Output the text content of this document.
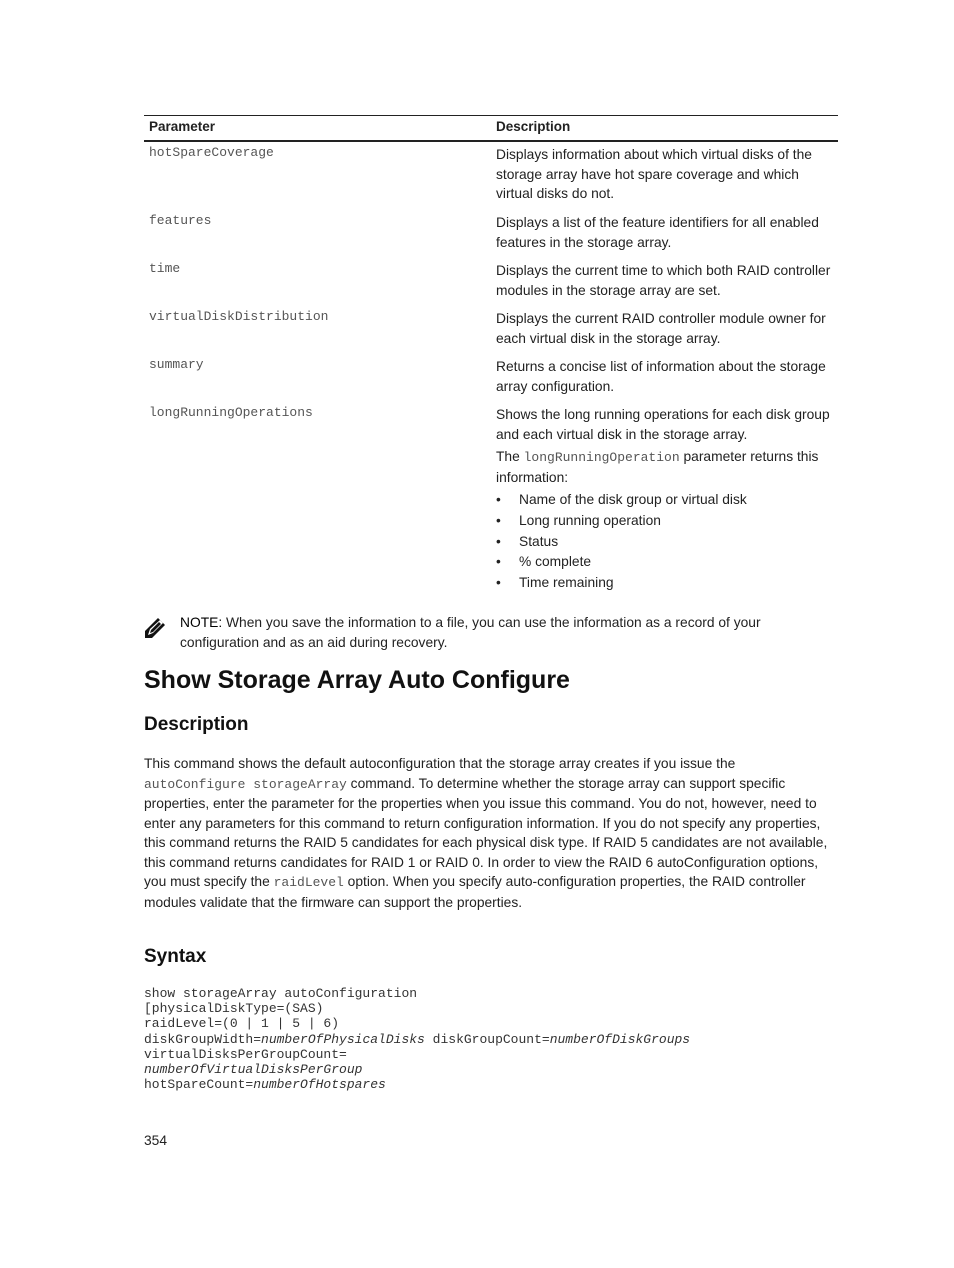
Parameter	Description
hotSpareCoverage	Displays information about which virtual disks of the storage array have hot spare coverage and which virtual disks do not.
features	Displays a list of the feature identifiers for all enabled features in the storage array.
time	Displays the current time to which both RAID controller modules in the storage array are set.
virtualDiskDistribution	Displays the current RAID controller module owner for each virtual disk in the storage array.
summary	Returns a concise list of information about the storage array configuration.
longRunningOperations	Shows the long running operations for each disk group and each virtual disk in the storage array.
The longRunningOperation parameter returns this information:
• Name of the disk group or virtual disk
• Long running operation
• Status
• % complete
• Time remaining
NOTE: When you save the information to a file, you can use the information as a record of your configuration and as an aid during recovery.
Show Storage Array Auto Configure
Description

This command shows the default autoconfiguration that the storage array creates if you issue the autoConfigure storageArray command. To determine whether the storage array can support specific properties, enter the parameter for the properties when you issue this command. You do not, however, need to enter any parameters for this command to return configuration information. If you do not specify any properties, this command returns the RAID 5 candidates for each physical disk type. If RAID 5 candidates are not available, this command returns candidates for RAID 1 or RAID 0. In order to view the RAID 6 autoConfiguration options, you must specify the raidLevel option. When you specify auto-configuration properties, the RAID controller modules validate that the firmware can support the properties.

Syntax
show storageArray autoConfiguration
[physicalDiskType=(SAS)
raidLevel=(0 | 1 | 5 | 6)
diskGroupWidth=numberOfPhysicalDisks diskGroupCount=numberOfDiskGroups
virtualDisksPerGroupCount=
numberOfVirtualDisksPerGroup
hotSpareCount=numberOfHotspares
354
